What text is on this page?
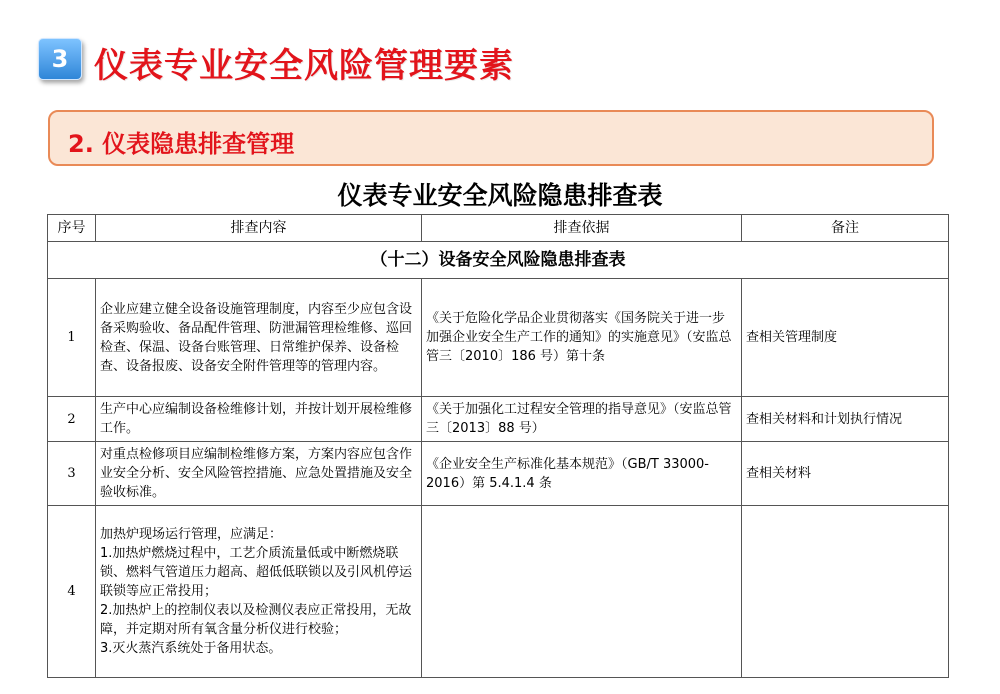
3 仪表专业安全风险管理要素
2. 仪表隐患排查管理
仪表专业安全风险隐患排查表
序号	排查内容	排查依据	备注
（十二）设备安全风险隐患排查表			
1	企业应建立健全设备设施管理制度，内容至少应包含设备采购验收、备品配件管理、防泄漏管理检维修、巡回检查、保温、设备台账管理、日常维护保养、设备检查、设备报废、设备安全附件管理等的管理内容。	《关于危险化学品企业贯彻落实《国务院关于进一步加强企业安全生产工作的通知》的实施意见》（安监总管三〔2010〕186 号）第十条	查相关管理制度
2	生产中心应编制设备检维修计划，并按计划开展检维修工作。	《关于加强化工过程安全管理的指导意见》（安监总管三〔2013〕88 号）	查相关材料和计划执行情况
3	对重点检修项目应编制检维修方案，方案内容应包含作业安全分析、安全风险管控措施、应急处置措施及安全验收标准。	《企业安全生产标准化基本规范》（GB/T 33000-2016）第 5.4.1.4 条	查相关材料
4	加热炉现场运行管理，应满足：
1.加热炉燃烧过程中，工艺介质流量低或中断燃烧联锁、燃料气管道压力超高、超低低联锁以及引风机停运联锁等应正常投用；
2.加热炉上的控制仪表以及检测仪表应正常投用，无故障，并定期对所有氧含量分析仪进行校验；
3.灭火蒸汽系统处于备用状态。		
